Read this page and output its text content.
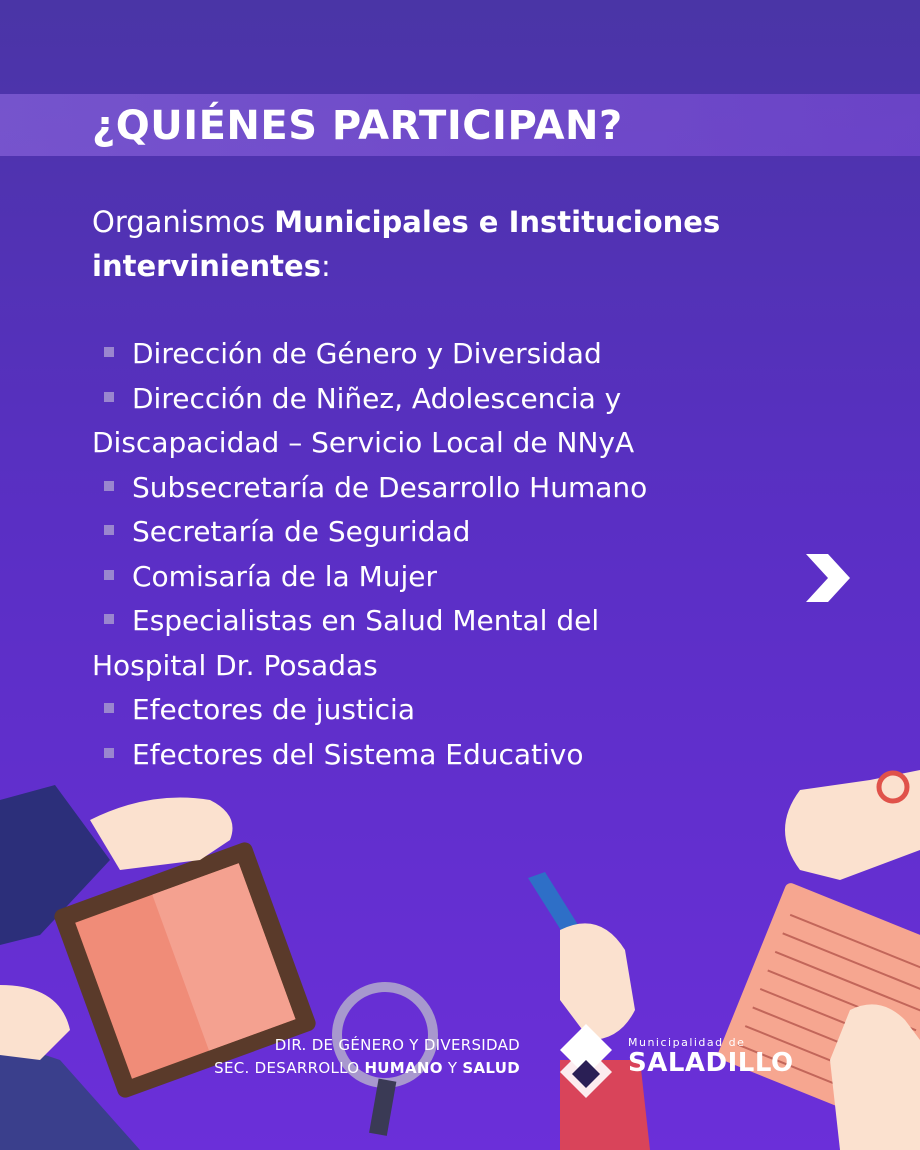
¿QUIÉNES PARTICIPAN?
Organismos Municipales e Instituciones
intervinientes:
Dirección de Género y Diversidad
Dirección de Niñez, Adolescencia y
Discapacidad – Servicio Local de NNyA
Subsecretaría de Desarrollo Humano
Secretaría de Seguridad
Comisaría de la Mujer
Especialistas en Salud Mental del
Hospital Dr. Posadas
Efectores de justicia
Efectores del Sistema Educativo
DIR. DE GÉNERO Y DIVERSIDAD
SEC. DESARROLLO HUMANO Y SALUD
Municipalidad de
SALADILLO
